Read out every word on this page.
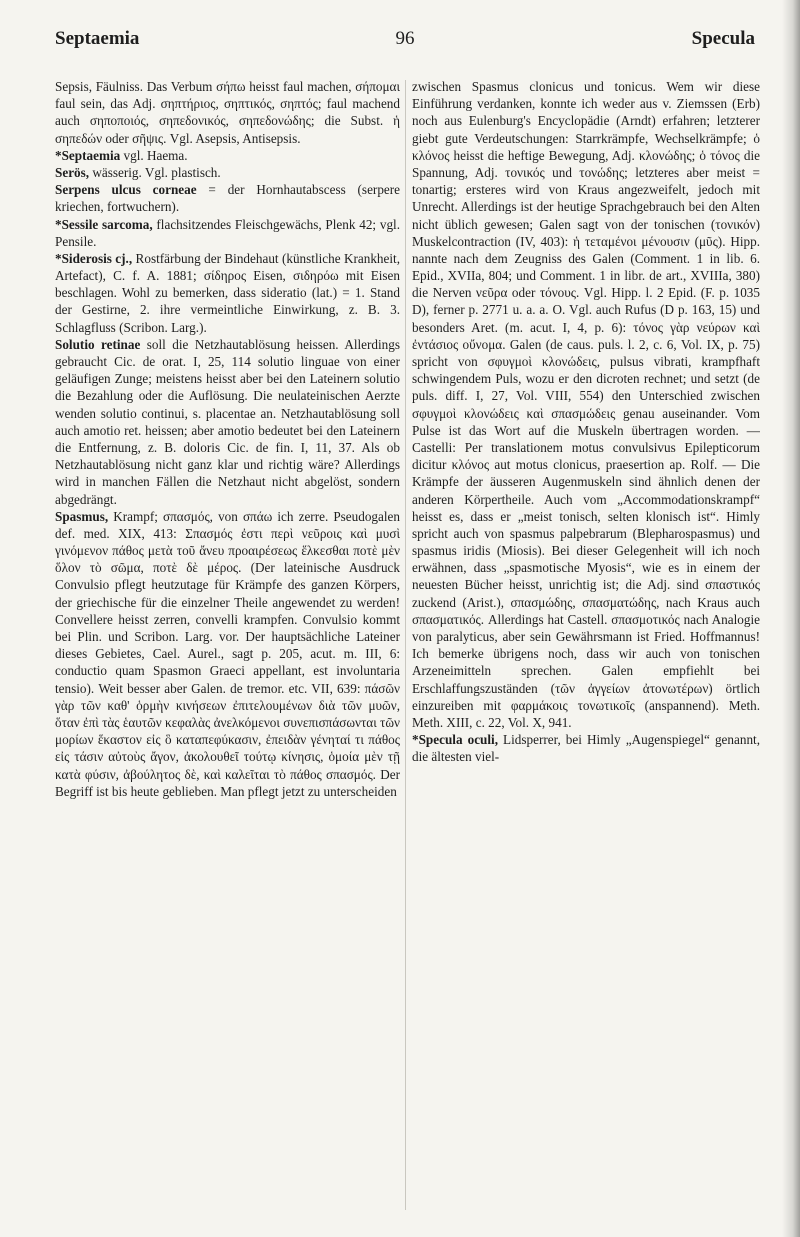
Septaemia	96	Specula

Sepsis, Fäulniss. Das Verbum σήπω heisst faul machen, σήπομαι faul sein, das Adj. σηπτήριος, σηπτικός, σηπτός; faul machend auch σηποποιός, σηπεδονικός, σηπεδονώδης; die Subst. ἡ σηπεδών oder σῆψις. Vgl. Asepsis, Antisepsis.

*Septaemia vgl. Haema.

Serös, wässerig. Vgl. plastisch.

Serpens ulcus corneae = der Hornhautabscess (serpere kriechen, fortwuchern).

*Sessile sarcoma, flachsitzendes Fleischgewächs, Plenk 42; vgl. Pensile.

*Siderosis cj., Rostfärbung der Bindehaut (künstliche Krankheit, Artefact), C. f. A. 1881; σίδηρος Eisen, σιδηρόω mit Eisen beschlagen. Wohl zu bemerken, dass sideratio (lat.) = 1. Stand der Gestirne, 2. ihre vermeintliche Einwirkung, z. B. 3. Schlagfluss (Scribon. Larg.).

Solutio retinae soll die Netzhautablösung heissen. Allerdings gebraucht Cic. de orat. I, 25, 114 solutio linguae von einer geläufigen Zunge; meistens heisst aber bei den Lateinern solutio die Bezahlung oder die Auflösung. Die neulateinischen Aerzte wenden solutio continui, s. placentae an. Netzhautablösung soll auch amotio ret. heissen; aber amotio bedeutet bei den Lateinern die Entfernung, z. B. doloris Cic. de fin. I, 11, 37. Als ob Netzhautablösung nicht ganz klar und richtig wäre? Allerdings wird in manchen Fällen die Netzhaut nicht abgelöst, sondern abgedrängt.

Spasmus, Krampf; σπασμός, von σπάω ich zerre. Pseudogalen def. med. XIX, 413: Σπασμός ἐστι περὶ νεῦροις καὶ μυσὶ γινόμενον πάθος μετὰ τοῦ ἄνευ προαιρέσεως ἕλκεσθαι ποτὲ μὲν ὅλον τὸ σῶμα, ποτὲ δὲ μέρος. (Der lateinische Ausdruck Convulsio pflegt heutzutage für Krämpfe des ganzen Körpers, der griechische für die einzelner Theile angewendet zu werden! Convellere heisst zerren, convelli krampfen. Convulsio kommt bei Plin. und Scribon. Larg. vor. Der hauptsächliche Lateiner dieses Gebietes, Cael. Aurel., sagt p. 205, acut. m. III, 6: conductio quam Spasmon Graeci appellant, est involuntaria tensio). Weit besser aber Galen. de tremor. etc. VII, 639: πάσῶν γὰρ τῶν καθ' ὁρμὴν κινήσεων ἐπιτελουμένων διὰ τῶν μυῶν, ὅταν ἐπὶ τὰς ἑαυτῶν κεφαλὰς ἀνελκόμενοι συνεπισπάσωνται τῶν μορίων ἕκαστον εἰς ὃ καταπεφύκασιν, ἐπειδὰν γένηταί τι πάθος εἰς τάσιν αὐτοὺς ἄγον, ἀκολουθεῖ τούτῳ κίνησις, ὁμοία μὲν τῇ κατὰ φύσιν, ἀβούλητος δὲ, καὶ καλεῖται τὸ πάθος σπασμός. Der Begriff ist bis heute geblieben. Man pflegt jetzt zu unterscheiden

zwischen Spasmus clonicus und tonicus. Wem wir diese Einführung verdanken, konnte ich weder aus v. Ziemssen (Erb) noch aus Eulenburg's Encyclopädie (Arndt) erfahren; letzterer giebt gute Verdeutschungen: Starrkrämpfe, Wechselkrämpfe; ὁ κλόνος heisst die heftige Bewegung, Adj. κλονώδης; ὁ τόνος die Spannung, Adj. τονικός und τονώδης; letzteres aber meist = tonartig; ersteres wird von Kraus angezweifelt, jedoch mit Unrecht. Allerdings ist der heutige Sprachgebrauch bei den Alten nicht üblich gewesen; Galen sagt von der tonischen (τονικόν) Muskelcontraction (IV, 403): ἡ τεταμένοι μένουσιν (μῦς). Hipp. nannte nach dem Zeugniss des Galen (Comment. 1 in lib. 6. Epid., XVIIa, 804; und Comment. 1 in libr. de art., XVIIIa, 380) die Nerven νεῦρα oder τόνους. Vgl. Hipp. l. 2 Epid. (F. p. 1035 D), ferner p. 2771 u. a. a. O. Vgl. auch Rufus (D p. 163, 15) und besonders Aret. (m. acut. I, 4, p. 6): τόνος γὰρ νεύρων καὶ ἐντάσιος οὔνομα. Galen (de caus. puls. l. 2, c. 6, Vol. IX, p. 75) spricht von σφυγμοὶ κλονώδεις, pulsus vibrati, krampfhaft schwingendem Puls, wozu er den dicroten rechnet; und setzt (de puls. diff. I, 27, Vol. VIII, 554) den Unterschied zwischen σφυγμοὶ κλονώδεις καὶ σπασμώδεις genau auseinander. Vom Pulse ist das Wort auf die Muskeln übertragen worden. — Castelli: Per translationem motus convulsivus Epilepticorum dicitur κλόνος aut motus clonicus, praesertion ap. Rolf. — Die Krämpfe der äusseren Augenmuskeln sind ähnlich denen der anderen Körpertheile. Auch vom „Accommodationskrampf“ heisst es, dass er „meist tonisch, selten klonisch ist“. Himly spricht auch von spasmus palpebrarum (Blepharospasmus) und spasmus iridis (Miosis). Bei dieser Gelegenheit will ich noch erwähnen, dass „spasmotische Myosis“, wie es in einem der neuesten Bücher heisst, unrichtig ist; die Adj. sind σπαστικός zuckend (Arist.), σπασμώδης, σπασματώδης, nach Kraus auch σπασματικός. Allerdings hat Castell. σπασμοτικός nach Analogie von paralyticus, aber sein Gewährsmann ist Fried. Hoffmannus! Ich bemerke übrigens noch, dass wir auch von tonischen Arzeneimitteln sprechen. Galen empfiehlt bei Erschlaffungszuständen (τῶν ἀγγείων ἀτονωτέρων) örtlich einzureiben mit φαρμάκοις τονωτικοῖς (anspannend). Meth. Meth. XIII, c. 22, Vol. X, 941.

*Specula oculi, Lidsperrer, bei Himly „Augenspiegel“ genannt, die ältesten viel-
